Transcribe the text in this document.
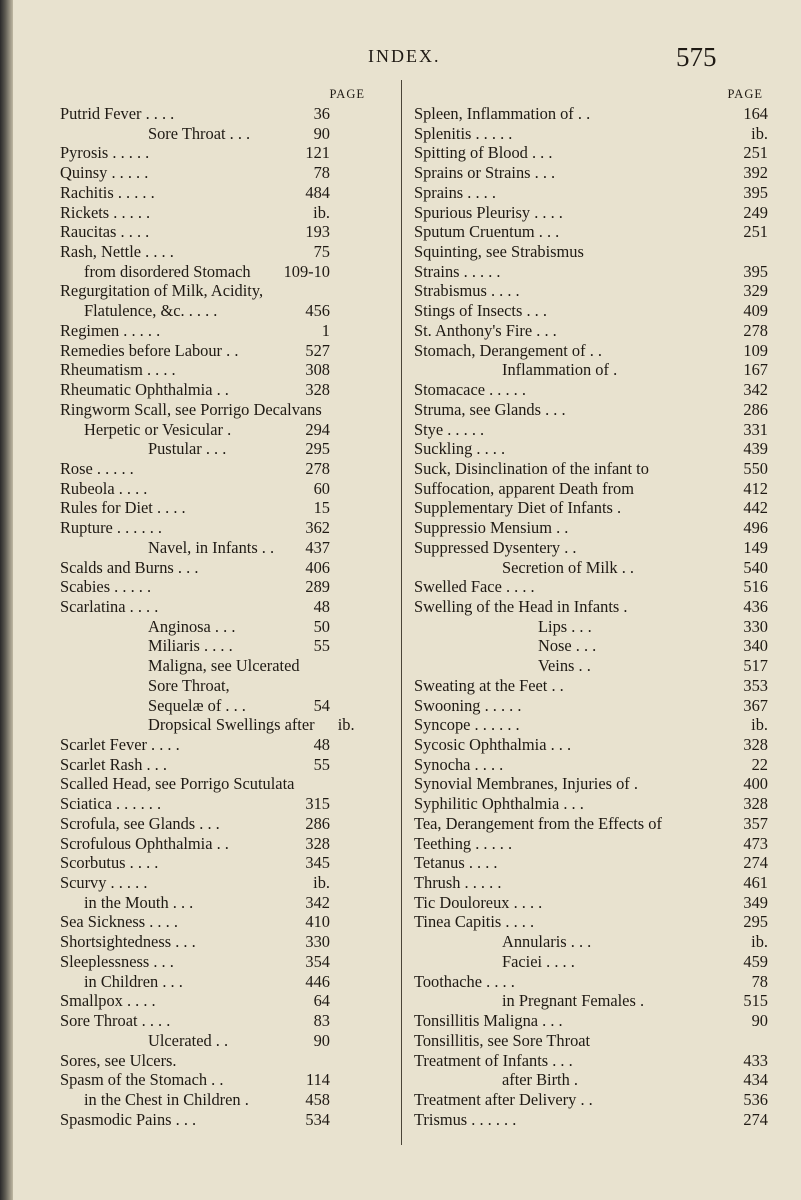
INDEX.	575
PAGE
Putrid Fever . . . .	36
Sore Throat . . .	90
Pyrosis . . . . .	121
Quinsy . . . . .	78
Rachitis . . . . .	484
Rickets . . . . .	ib.
Raucitas . . . .	193
Rash, Nettle . . . .	75
from disordered Stomach 109-10
Regurgitation of Milk, Acidity,
Flatulence, &c. . . . .	456
Regimen . . . . .	1
Remedies before Labour . .	527
Rheumatism . . . .	308
Rheumatic Ophthalmia . .	328
Ringworm Scall, see Porrigo Decalvans
Herpetic or Vesicular .	294
Pustular . . .	295
Rose . . . . .	278
Rubeola . . . .	60
Rules for Diet . . . .	15
Rupture . . . . . .	362
Navel, in Infants . .	437
Scalds and Burns . . .	406
Scabies . . . . .	289
Scarlatina . . . .	48
Anginosa . . .	50
Miliaris . . . .	55
Maligna, see Ulcerated
Sore Throat,
Sequelæ of . . .	54
Dropsical Swellings after	ib.
Scarlet Fever . . . .	48
Scarlet Rash . . .	55
Scalled Head, see Porrigo Scutulata
Sciatica . . . . . .	315
Scrofula, see Glands . . .	286
Scrofulous Ophthalmia . .	328
Scorbutus . . . .	345
Scurvy . . . . .	ib.
in the Mouth . . .	342
Sea Sickness . . . .	410
Shortsightedness . . .	330
Sleeplessness . . .	354
in Children . . .	446
Smallpox . . . .	64
Sore Throat . . . .	83
Ulcerated . .	90
Sores, see Ulcers.
Spasm of the Stomach . .	114
in the Chest in Children .	458
Spasmodic Pains . . .	534
PAGE
Spleen, Inflammation of . .	164
Splenitis . . . . .	ib.
Spitting of Blood . . .	251
Sprains or Strains . . .	392
Sprains . . . .	395
Spurious Pleurisy . . . .	249
Sputum Cruentum . . .	251
Squinting, see Strabismus
Strains . . . . .	395
Strabismus . . . .	329
Stings of Insects . . .	409
St. Anthony's Fire . . .	278
Stomach, Derangement of . .	109
Inflammation of .	167
Stomacace . . . . .	342
Struma, see Glands . . .	286
Stye . . . . .	331
Suckling . . . .	439
Suck, Disinclination of the infant to	550
Suffocation, apparent Death from	412
Supplementary Diet of Infants .	442
Suppressio Mensium . .	496
Suppressed Dysentery . .	149
Secretion of Milk . .	540
Swelled Face . . . .	516
Swelling of the Head in Infants .	436
Lips . . .	330
Nose . . .	340
Veins . .	517
Sweating at the Feet . .	353
Swooning . . . . .	367
Syncope . . . . . .	ib.
Sycosic Ophthalmia . . .	328
Synocha . . . .	22
Synovial Membranes, Injuries of .	400
Syphilitic Ophthalmia . . .	328
Tea, Derangement from the Effects of	357
Teething . . . . .	473
Tetanus . . . .	274
Thrush . . . . .	461
Tic Douloreux . . . .	349
Tinea Capitis . . . .	295
Annularis . . .	ib.
Faciei . . . .	459
Toothache . . . .	78
in Pregnant Females .	515
Tonsillitis Maligna . . .	90
Tonsillitis, see Sore Throat
Treatment of Infants . . .	433
after Birth .	434
Treatment after Delivery . .	536
Trismus . . . . . .	274
